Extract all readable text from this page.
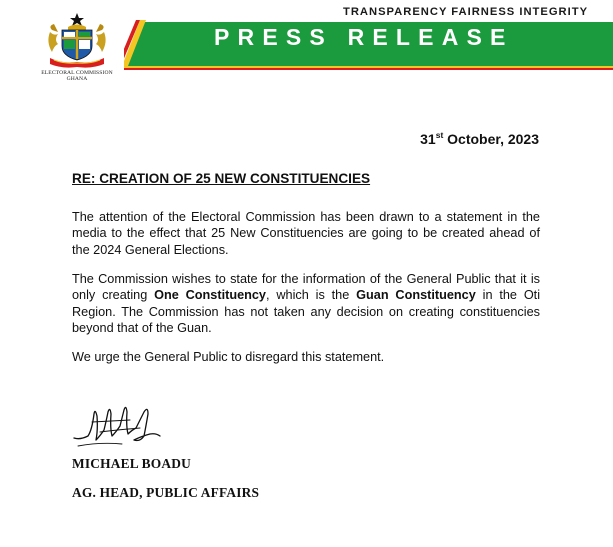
ELECTORAL COMMISSION
GHANA
TRANSPARENCY FAIRNESS INTEGRITY
PRESS RELEASE
31st October, 2023
RE: CREATION OF 25 NEW CONSTITUENCIES

The attention of the Electoral Commission has been drawn to a statement in the media to the effect that 25 New Constituencies are going to be created ahead of the 2024 General Elections.

The Commission wishes to state for the information of the General Public that it is only creating One Constituency, which is the Guan Constituency in the Oti Region. The Commission has not taken any decision on creating constituencies beyond that of the Guan.

We urge the General Public to disregard this statement.

MICHAEL BOADU
AG. HEAD, PUBLIC AFFAIRS
